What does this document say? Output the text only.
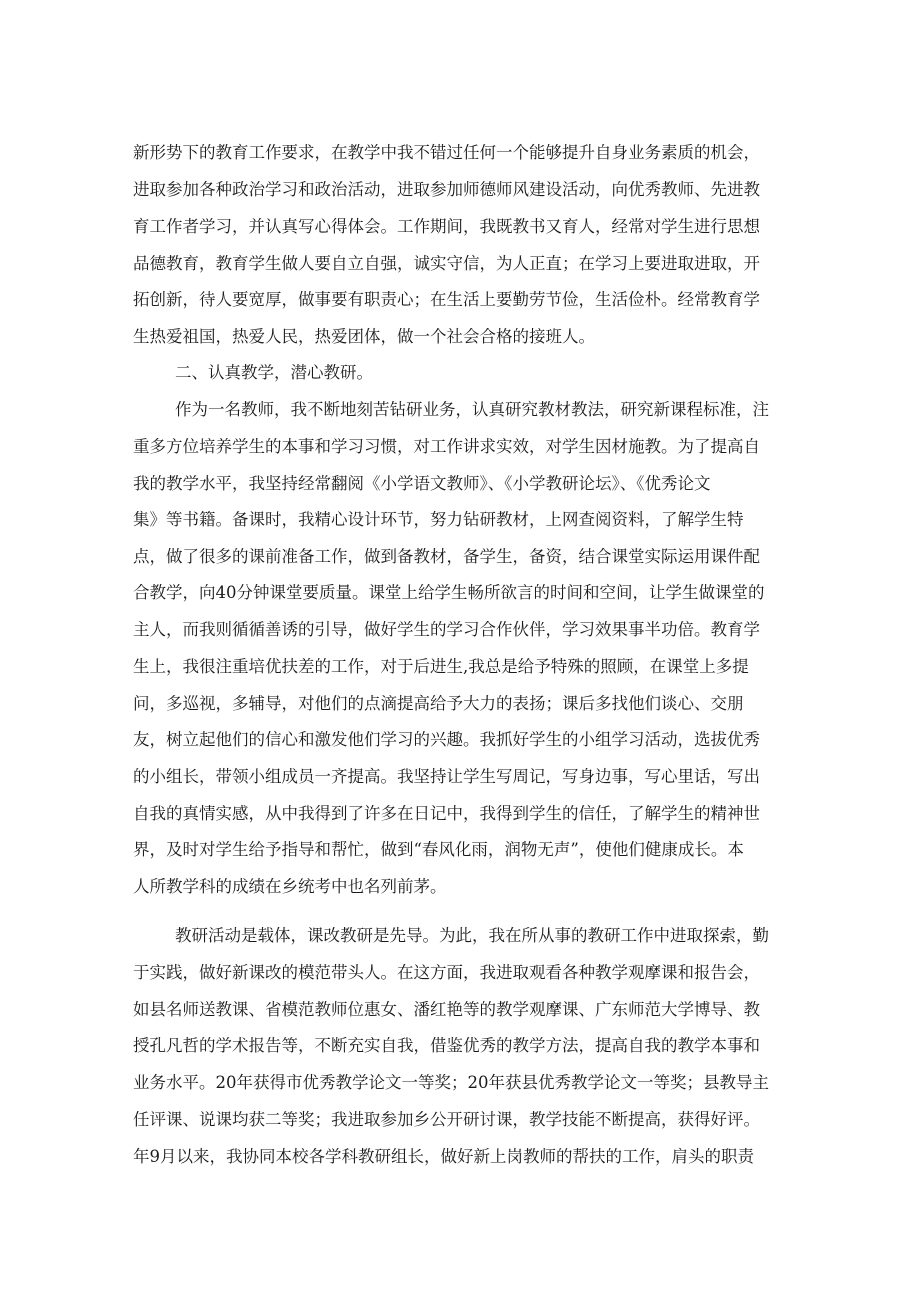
新形势下的教育工作要求，在教学中我不错过任何一个能够提升自身业务素质的机会，
进取参加各种政治学习和政治活动，进取参加师德师风建设活动，向优秀教师、先进教
育工作者学习，并认真写心得体会。工作期间，我既教书又育人，经常对学生进行思想
品德教育，教育学生做人要自立自强，诚实守信，为人正直；在学习上要进取进取，开
拓创新，待人要宽厚，做事要有职责心；在生活上要勤劳节俭，生活俭朴。经常教育学
生热爱祖国，热爱人民，热爱团体，做一个社会合格的接班人。
二、认真教学，潜心教研。
作为一名教师，我不断地刻苦钻研业务，认真研究教材教法，研究新课程标准，注
重多方位培养学生的本事和学习习惯，对工作讲求实效，对学生因材施教。为了提高自
我的教学水平，我坚持经常翻阅《小学语文教师》、《小学教研论坛》、《优秀论文
集》等书籍。备课时，我精心设计环节，努力钻研教材，上网查阅资料，了解学生特
点，做了很多的课前准备工作，做到备教材，备学生，备资，结合课堂实际运用课件配
合教学，向40分钟课堂要质量。课堂上给学生畅所欲言的时间和空间，让学生做课堂的
主人，而我则循循善诱的引导，做好学生的学习合作伙伴，学习效果事半功倍。教育学
生上，我很注重培优扶差的工作，对于后进生,我总是给予特殊的照顾，在课堂上多提
问，多巡视，多辅导，对他们的点滴提高给予大力的表扬；课后多找他们谈心、交朋
友，树立起他们的信心和激发他们学习的兴趣。我抓好学生的小组学习活动，选拔优秀
的小组长，带领小组成员一齐提高。我坚持让学生写周记，写身边事，写心里话，写出
自我的真情实感，从中我得到了许多在日记中，我得到学生的信任，了解学生的精神世
界，及时对学生给予指导和帮忙，做到“春风化雨，润物无声”，使他们健康成长。本
人所教学科的成绩在乡统考中也名列前茅。
教研活动是载体，课改教研是先导。为此，我在所从事的教研工作中进取探索，勤
于实践，做好新课改的模范带头人。在这方面，我进取观看各种教学观摩课和报告会，
如县名师送教课、省模范教师位惠女、潘红艳等的教学观摩课、广东师范大学博导、教
授孔凡哲的学术报告等，不断充实自我，借鉴优秀的教学方法，提高自我的教学本事和
业务水平。20年获得市优秀教学论文一等奖；20年获县优秀教学论文一等奖；县教导主
任评课、说课均获二等奖；我进取参加乡公开研讨课，教学技能不断提高，获得好评。
年9月以来，我协同本校各学科教研组长，做好新上岗教师的帮扶的工作，肩头的职责
